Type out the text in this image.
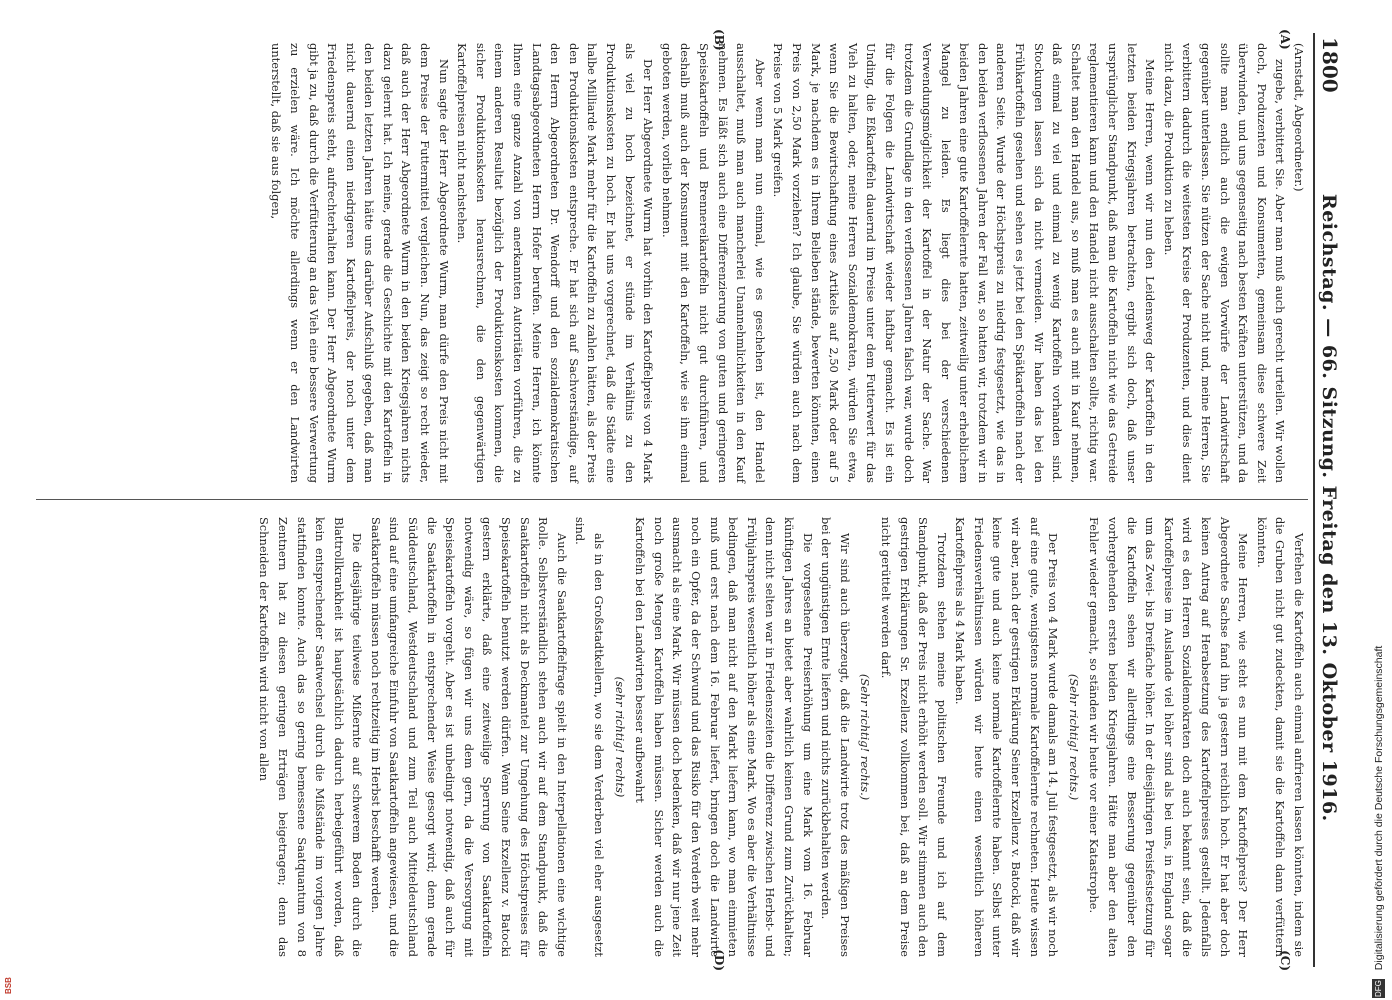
1800
Reichstag. — 66. Sitzung. Freitag den 13. Oktober 1916.
(A)
(B)

(Arnstadt, Abgeordneter.)

zugebe, verbittert Sie. Aber man muß auch gerecht urteilen. Wir wollen doch, Produzenten und Konsumenten, gemeinsam diese schwere Zeit überwinden, und uns gegenseitig nach besten Kräften unterstützen, und da sollte man endlich auch die ewigen Vorwürfe der Landwirtschaft gegenüber unterlassen. Sie nützen der Sache nicht und, meine Herren, Sie verbittern dadurch die weitesten Kreise der Produzenten, und dies dient nicht dazu, die Produktion zu heben.

Meine Herren, wenn wir nun den Leidensweg der Kartoffeln in den letzten beiden Kriegsjahren betrachten, ergibt sich doch, daß unser ursprünglicher Standpunkt, daß man die Kartoffeln nicht wie das Getreide reglementieren kann und den Handel nicht ausschalten sollte, richtig war. Schaltet man den Handel aus, so muß man es auch mit in Kauf nehmen, daß einmal zu viel und einmal zu wenig Kartoffeln vorhanden sind. Stockungen lassen sich da nicht vermeiden. Wir haben das bei den Frühkartoffeln gesehen und sehen es jetzt bei den Spätkartoffeln nach der anderen Seite. Wurde der Höchstpreis zu niedrig festgesetzt, wie das in den beiden verflossenen Jahren der Fall war, so hatten wir, trotzdem wir in beiden Jahren eine gute Kartoffelernte hatten, zeitweilig unter erheblichem Mangel zu leiden. Es liegt dies bei der verschiedenen Verwendungsmöglichkeit der Kartoffel in der Natur der Sache. War trotzdem die Grundlage in den verflossenen Jahren falsch war, wurde doch für die Folgen die Landwirtschaft wieder haftbar gemacht. Es ist ein Unding, die Eßkartoffeln dauernd im Preise unter dem Futterwert für das Vieh zu halten, oder, meine Herren Sozialdemokraten, würden Sie etwa, wenn Sie die Bewirtschaftung eines Artikels auf 2,50 Mark oder auf 5 Mark, je nachdem es in Ihrem Belieben stände, bewerten könnten, einen Preis von 2,50 Mark vorziehen? Ich glaube, Sie würden auch nach dem Preise von 5 Mark greifen.

Aber wenn man nun einmal, wie es geschehen ist, den Handel ausschaltet, muß man auch mancherlei Unannehmlichkeiten in den Kauf nehmen. Es läßt sich auch eine Differenzierung von guten und geringeren Speisekartoffeln und Brennereikartoffeln nicht gut durchführen, und deshalb muß auch der Konsument mit den Kartoffeln, wie sie ihm einmal geboten werden, vorlieb nehmen.

Der Herr Abgeordnete Wurm hat vorhin den Kartoffelpreis von 4 Mark als viel zu hoch bezeichnet, er stünde im Verhältnis zu den Produktionskosten zu hoch. Er hat uns vorgerechnet, daß die Städte eine halbe Milliarde Mark mehr für die Kartoffeln zu zahlen hätten, als der Preis den Produktionskosten entspreche. Er hat sich auf Sachverständige, auf den Herrn Abgeordneten Dr. Wendorff und den sozialdemokratischen Landtagsabgeordneten Herrn Hofer berufen. Meine Herren, ich könnte Ihnen eine ganze Anzahl von anerkannten Autoritäten vorführen, die zu einem anderen Resultat bezüglich der Produktionskosten kommen, die sicher Produktionskosten herausrechnen, die den gegenwärtigen Kartoffelpreisen nicht nachstehen.

Nun sagte der Herr Abgeordnete Wurm, man dürfe den Preis nicht mit dem Preise der Futtermittel vergleichen. Nun, das zeigt so recht wieder, daß auch der Herr Abgeordnete Wurm in den beiden Kriegsjahren nichts dazu gelernt hat. Ich meine, gerade die Geschichte mit den Kartoffeln in den beiden letzten Jahren hätte uns darüber Aufschluß gegeben, daß man nicht dauernd einen niedrigeren Kartoffelpreis, der noch unter dem Friedenspreis steht, aufrechterhalten kann. Der Herr Abgeordnete Wurm gibt ja zu, daß durch die Verfütterung an das Vieh eine bessere Verwertung zu erzielen wäre. Ich möchte allerdings wenn er den Landwirten unterstellt, daß sie aus folgen,

(C)
(D)

Verfehen die Kartoffeln auch einmal anfrieren lassen könnten, indem sie die Gruben nicht gut zudeckten, damit sie die Kartoffeln dann verfüttern könnten.

Meine Herren, wie steht es nun mit dem Kartoffelpreis? Der Herr Abgeordnete Sachse fand ihn ja gestern reichlich hoch. Er hat aber doch keinen Antrag auf Herabsetzung des Kartoffelpreises gestellt. Jedenfalls wird es den Herren Sozialdemokraten doch auch bekannt sein, daß die Kartoffelpreise im Auslande viel höher sind als bei uns, in England sogar um das Zwei- bis Dreifache höher. In der diesjährigen Preisfestsetzung für die Kartoffeln sehen wir allerdings eine Besserung gegenüber den vorhergehenden ersten beiden Kriegsjahren. Hätte man aber den alten Fehler wieder gemacht, so ständen wir heute vor einer Katastrophe.

(Sehr richtig! rechts.)

Der Preis von 4 Mark wurde damals am 14. Juli festgesetzt, als wir noch auf eine gute, wenigstens normale Kartoffelernte rechneten. Heute wissen wir aber, nach der gestrigen Erklärung Seiner Exzellenz v. Batocki, daß wir keine gute und auch keine normale Kartoffelernte haben. Selbst unter Friedensverhältnissen würden wir heute einen wesentlich höheren Kartoffelpreis als 4 Mark haben.

Trotzdem stehen meine politischen Freunde und ich auf dem Standpunkt, daß der Preis nicht erhöht werden soll. Wir stimmen auch den gestrigen Erklärungen Sr. Exzellenz vollkommen bei, daß an dem Preise nicht gerüttelt werden darf.

(Sehr richtig! rechts.)

Wir sind auch überzeugt, daß die Landwirte trotz des mäßigen Preises bei der ungünstigen Ernte liefern und nichts zurückbehalten werden.

Die vorgesehene Preiserhöhung um eine Mark vom 16. Februar künftigen Jahres an bietet aber wahrlich keinen Grund zum Zurückhalten; denn nicht selten war in Friedenszeiten die Differenz zwischen Herbst- und Frühjahrspreis wesentlich höher als eine Mark. Wo es aber die Verhältnisse bedingen, daß man nicht auf den Markt liefern kann, wo man einmieten muß und erst nach dem 16. Februar liefert, bringen doch die Landwirte noch ein Opfer, da der Schwund und das Risiko für den Verderb weit mehr ausmacht als eine Mark. Wir müssen doch bedenken, daß wir nur jene Zeit noch große Mengen Kartoffeln haben müssen. Sicher werden auch die Kartoffeln bei den Landwirten besser aufbewahrt

(sehr richtig! rechts)

als in den Großstadtkellern, wo sie dem Verderben viel eher ausgesetzt sind.

Auch die Saatkartoffelfrage spielt in den Interpellationen eine wichtige Rolle. Selbstverständlich stehen auch wir auf dem Standpunkt, daß die Saatkartoffeln nicht als Deckmantel zur Umgehung des Höchstpreises für Speisekartoffeln benutzt werden dürfen. Wenn Seine Exzellenz v. Batocki gestern erklärte, daß eine zeitweilige Sperrung von Saatkartoffeln notwendig wäre, so fügen wir uns dem gern, da die Versorgung mit Speisekartoffeln vorgeht. Aber es ist unbedingt notwendig, daß auch für die Saatkartoffeln in entsprechender Weise gesorgt wird; denn gerade Süddeutschland, Westdeutschland und zum Teil auch Mitteldeutschland sind auf eine umfangreiche Einfuhr von Saatkartoffeln angewiesen, und die Saatkartoffeln müssen noch rechtzeitig im Herbst beschafft werden.

Die diesjährige teilweise Mißernte auf schwerem Boden durch die Blattrollkrankheit ist hauptsächlich dadurch herbeigeführt worden, daß kein entsprechender Saatwechsel durch die Mißstände im vorigen Jahre stattfinden konnte. Auch das so gering bemessene Saatquantum von 8 Zentnern hat zu diesen geringen Erträgen beigetragen; denn das Schneiden der Kartoffeln wird nicht von allen

DFG Digitalisierung gefördert durch die Deutsche Forschungsgemeinschaft
BSB
